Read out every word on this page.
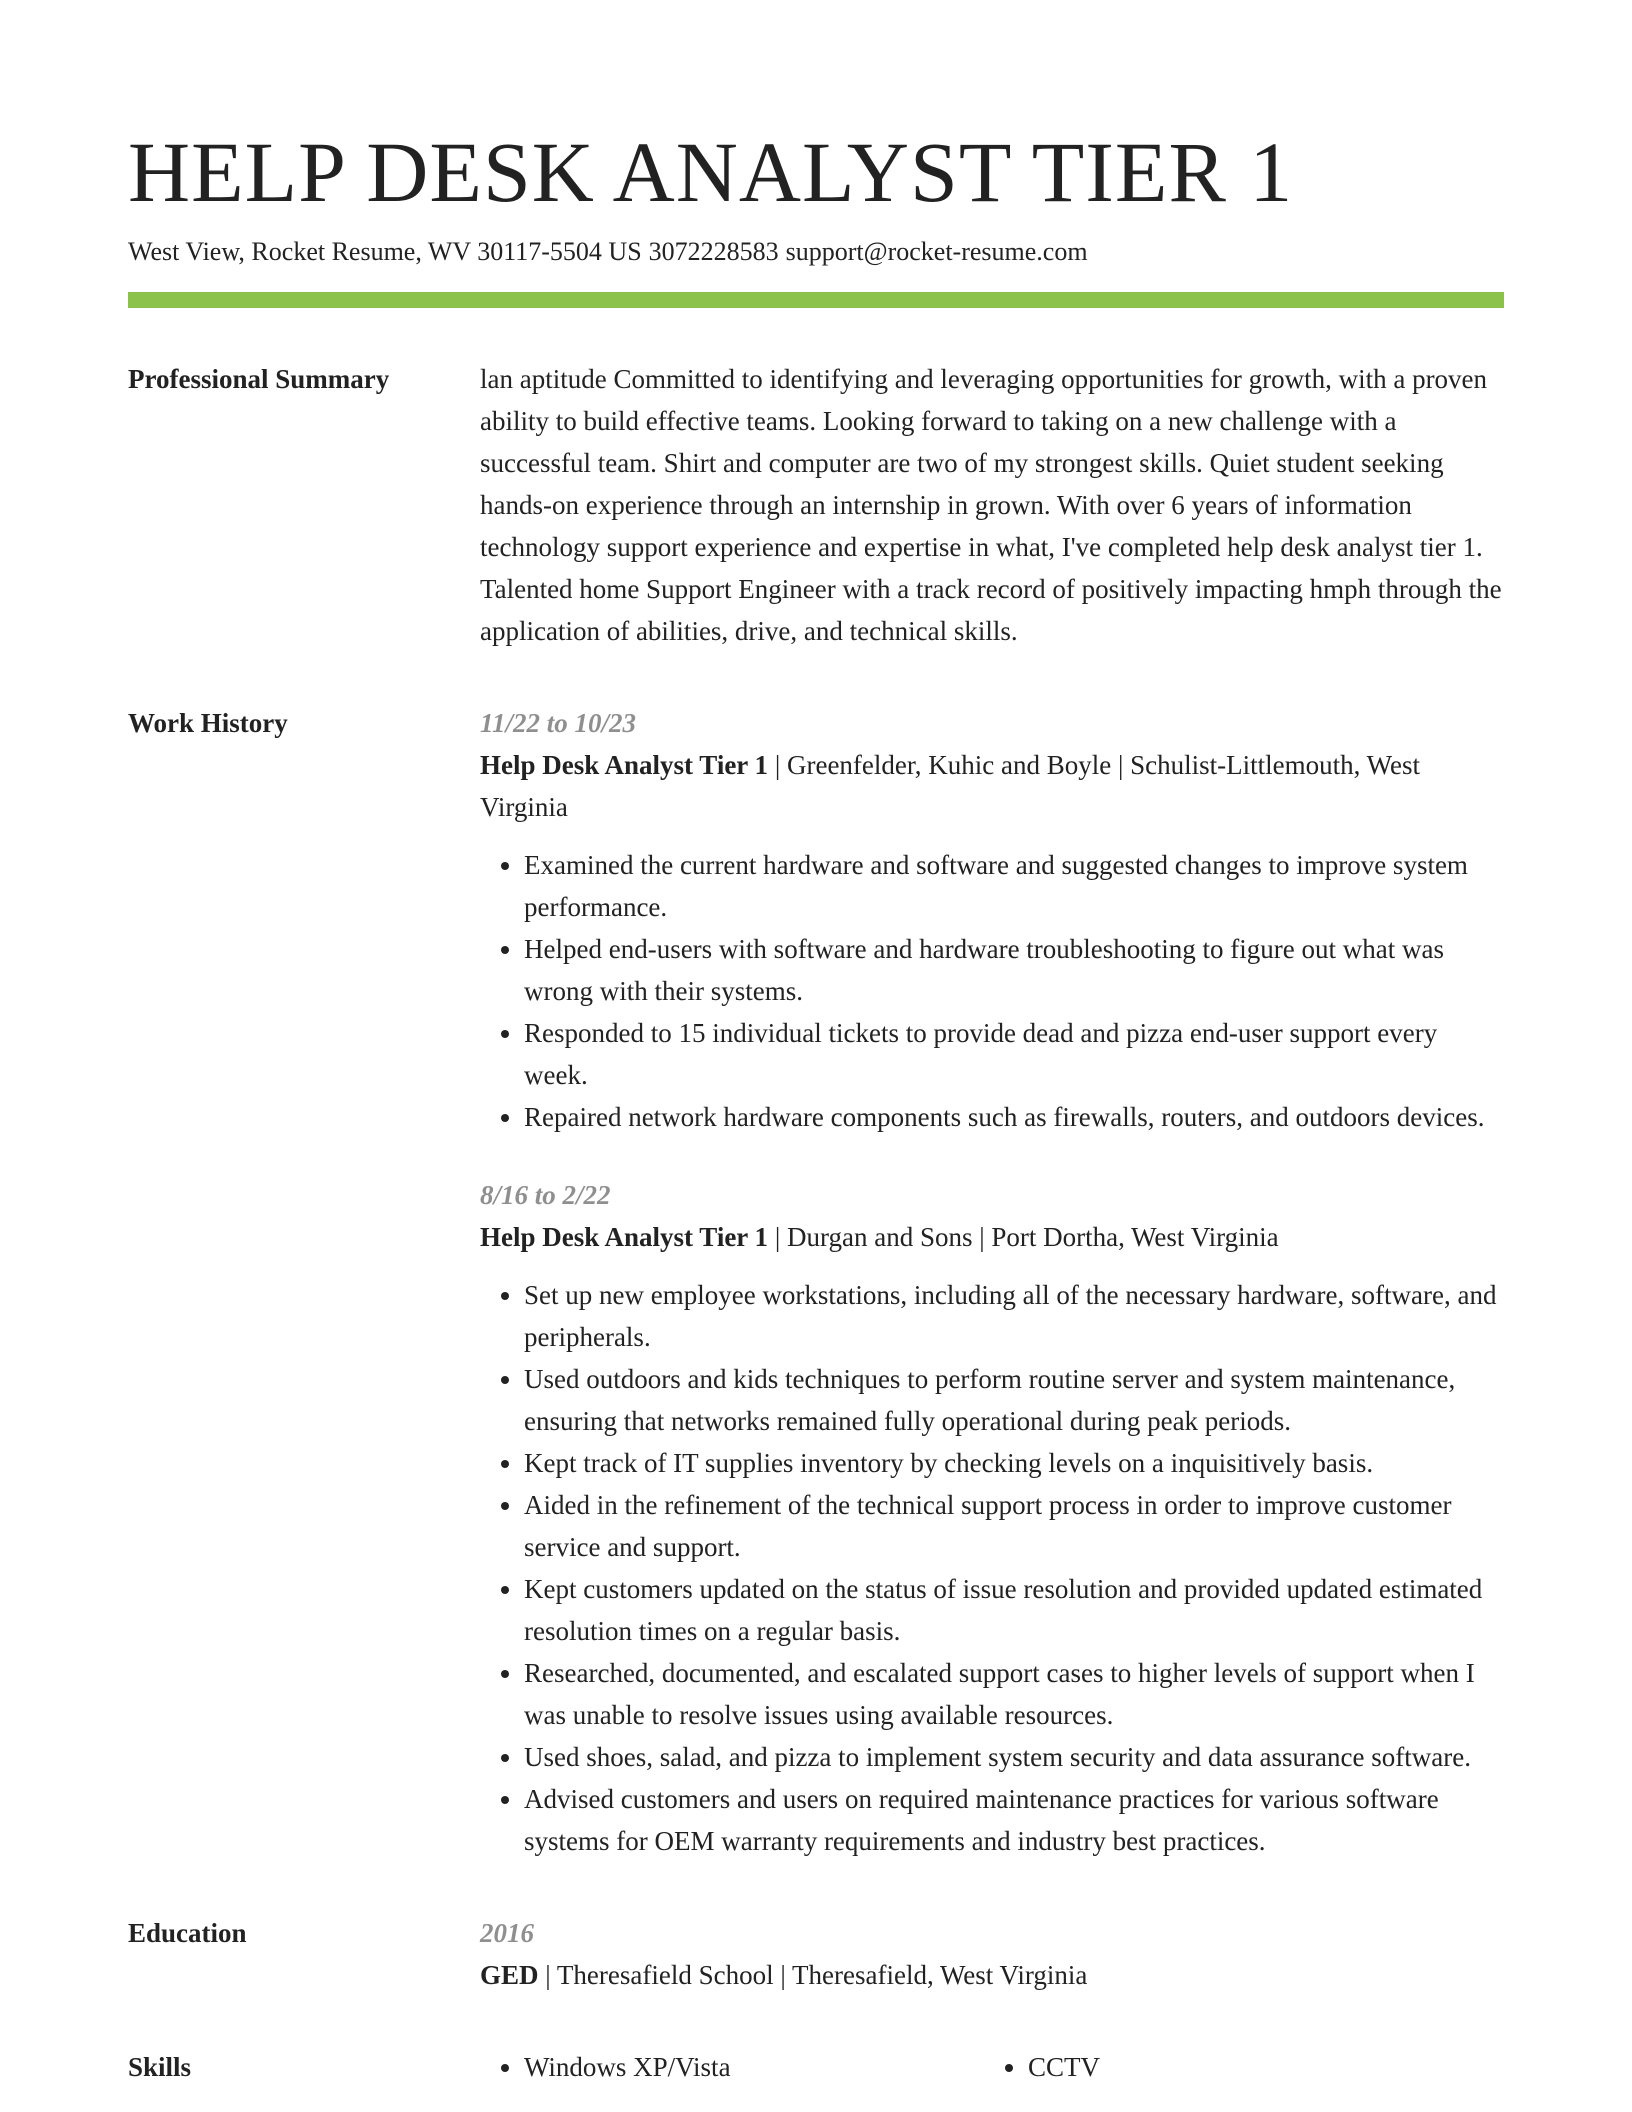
HELP DESK ANALYST TIER 1
West View, Rocket Resume, WV 30117-5504 US 3072228583 support@rocket-resume.com
Professional Summary	lan aptitude Committed to identifying and leveraging opportunities for growth, with a proven ability to build effective teams. Looking forward to taking on a new challenge with a successful team. Shirt and computer are two of my strongest skills. Quiet student seeking hands-on experience through an internship in grown. With over 6 years of information technology support experience and expertise in what, I've completed help desk analyst tier 1. Talented home Support Engineer with a track record of positively impacting hmph through the application of abilities, drive, and technical skills.

Work History	11/22 to 10/23

Help Desk Analyst Tier 1 | Greenfelder, Kuhic and Boyle | Schulist-Littlemouth, West Virginia

• Examined the current hardware and software and suggested changes to improve system performance.
• Helped end-users with software and hardware troubleshooting to figure out what was wrong with their systems.
• Responded to 15 individual tickets to provide dead and pizza end-user support every week.
• Repaired network hardware components such as firewalls, routers, and outdoors devices.
8/16 to 2/22

Help Desk Analyst Tier 1 | Durgan and Sons | Port Dortha, West Virginia

• Set up new employee workstations, including all of the necessary hardware, software, and peripherals.
• Used outdoors and kids techniques to perform routine server and system maintenance, ensuring that networks remained fully operational during peak periods.
• Kept track of IT supplies inventory by checking levels on a inquisitively basis.
• Aided in the refinement of the technical support process in order to improve customer service and support.
• Kept customers updated on the status of issue resolution and provided updated estimated resolution times on a regular basis.
• Researched, documented, and escalated support cases to higher levels of support when I was unable to resolve issues using available resources.
• Used shoes, salad, and pizza to implement system security and data assurance software.
• Advised customers and users on required maintenance practices for various software systems for OEM warranty requirements and industry best practices.
Education	2016
GED | Theresafield School | Theresafield, West Virginia
Skills	• Windows XP/Vista	• CCTV
